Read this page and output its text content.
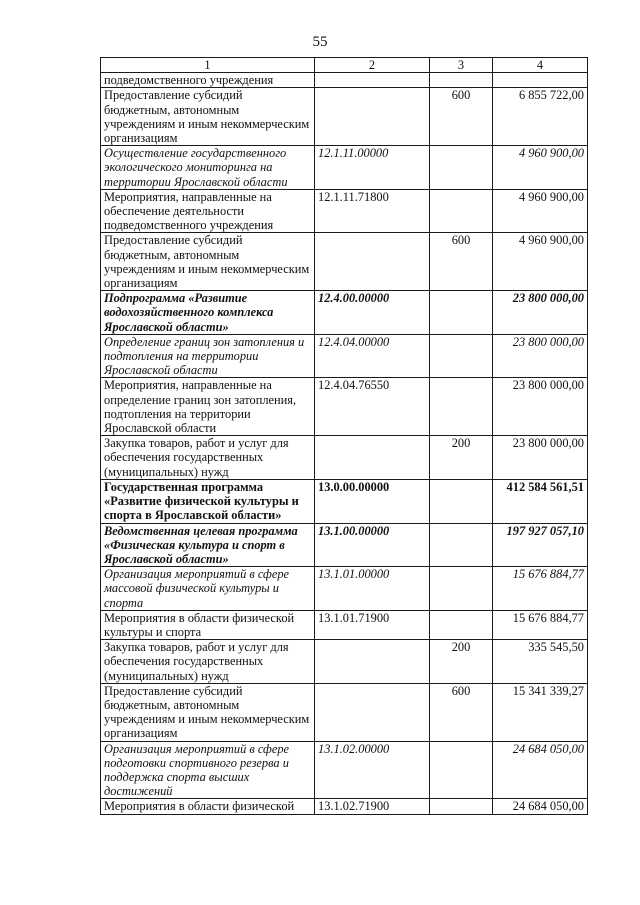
55
1	2	3	4
подведомственного учреждения			
Предоставление субсидий бюджетным, автономным учреждениям и иным некоммерческим организациям		600	6 855 722,00
Осуществление государственного экологического мониторинга на территории Ярославской области	12.1.11.00000		4 960 900,00
Мероприятия, направленные на обеспечение деятельности подведомственного учреждения	12.1.11.71800		4 960 900,00
Предоставление субсидий бюджетным, автономным учреждениям и иным некоммерческим организациям		600	4 960 900,00
Подпрограмма «Развитие водохозяйственного комплекса Ярославской области»	12.4.00.00000		23 800 000,00
Определение границ зон затопления и подтопления на территории Ярославской области	12.4.04.00000		23 800 000,00
Мероприятия, направленные на определение границ зон затопления, подтопления на территории Ярославской области	12.4.04.76550		23 800 000,00
Закупка товаров, работ и услуг для обеспечения государственных (муниципальных) нужд		200	23 800 000,00
Государственная программа «Развитие физической культуры и спорта в Ярославской области»	13.0.00.00000		412 584 561,51
Ведомственная целевая программа «Физическая культура и спорт в Ярославской области»	13.1.00.00000		197 927 057,10
Организация мероприятий в сфере массовой физической культуры и спорта	13.1.01.00000		15 676 884,77
Мероприятия в области физической культуры и спорта	13.1.01.71900		15 676 884,77
Закупка товаров, работ и услуг для обеспечения государственных (муниципальных) нужд		200	335 545,50
Предоставление субсидий бюджетным, автономным учреждениям и иным некоммерческим организациям		600	15 341 339,27
Организация мероприятий в сфере подготовки спортивного резерва и поддержка спорта высших достижений	13.1.02.00000		24 684 050,00
Мероприятия в области физической	13.1.02.71900		24 684 050,00
